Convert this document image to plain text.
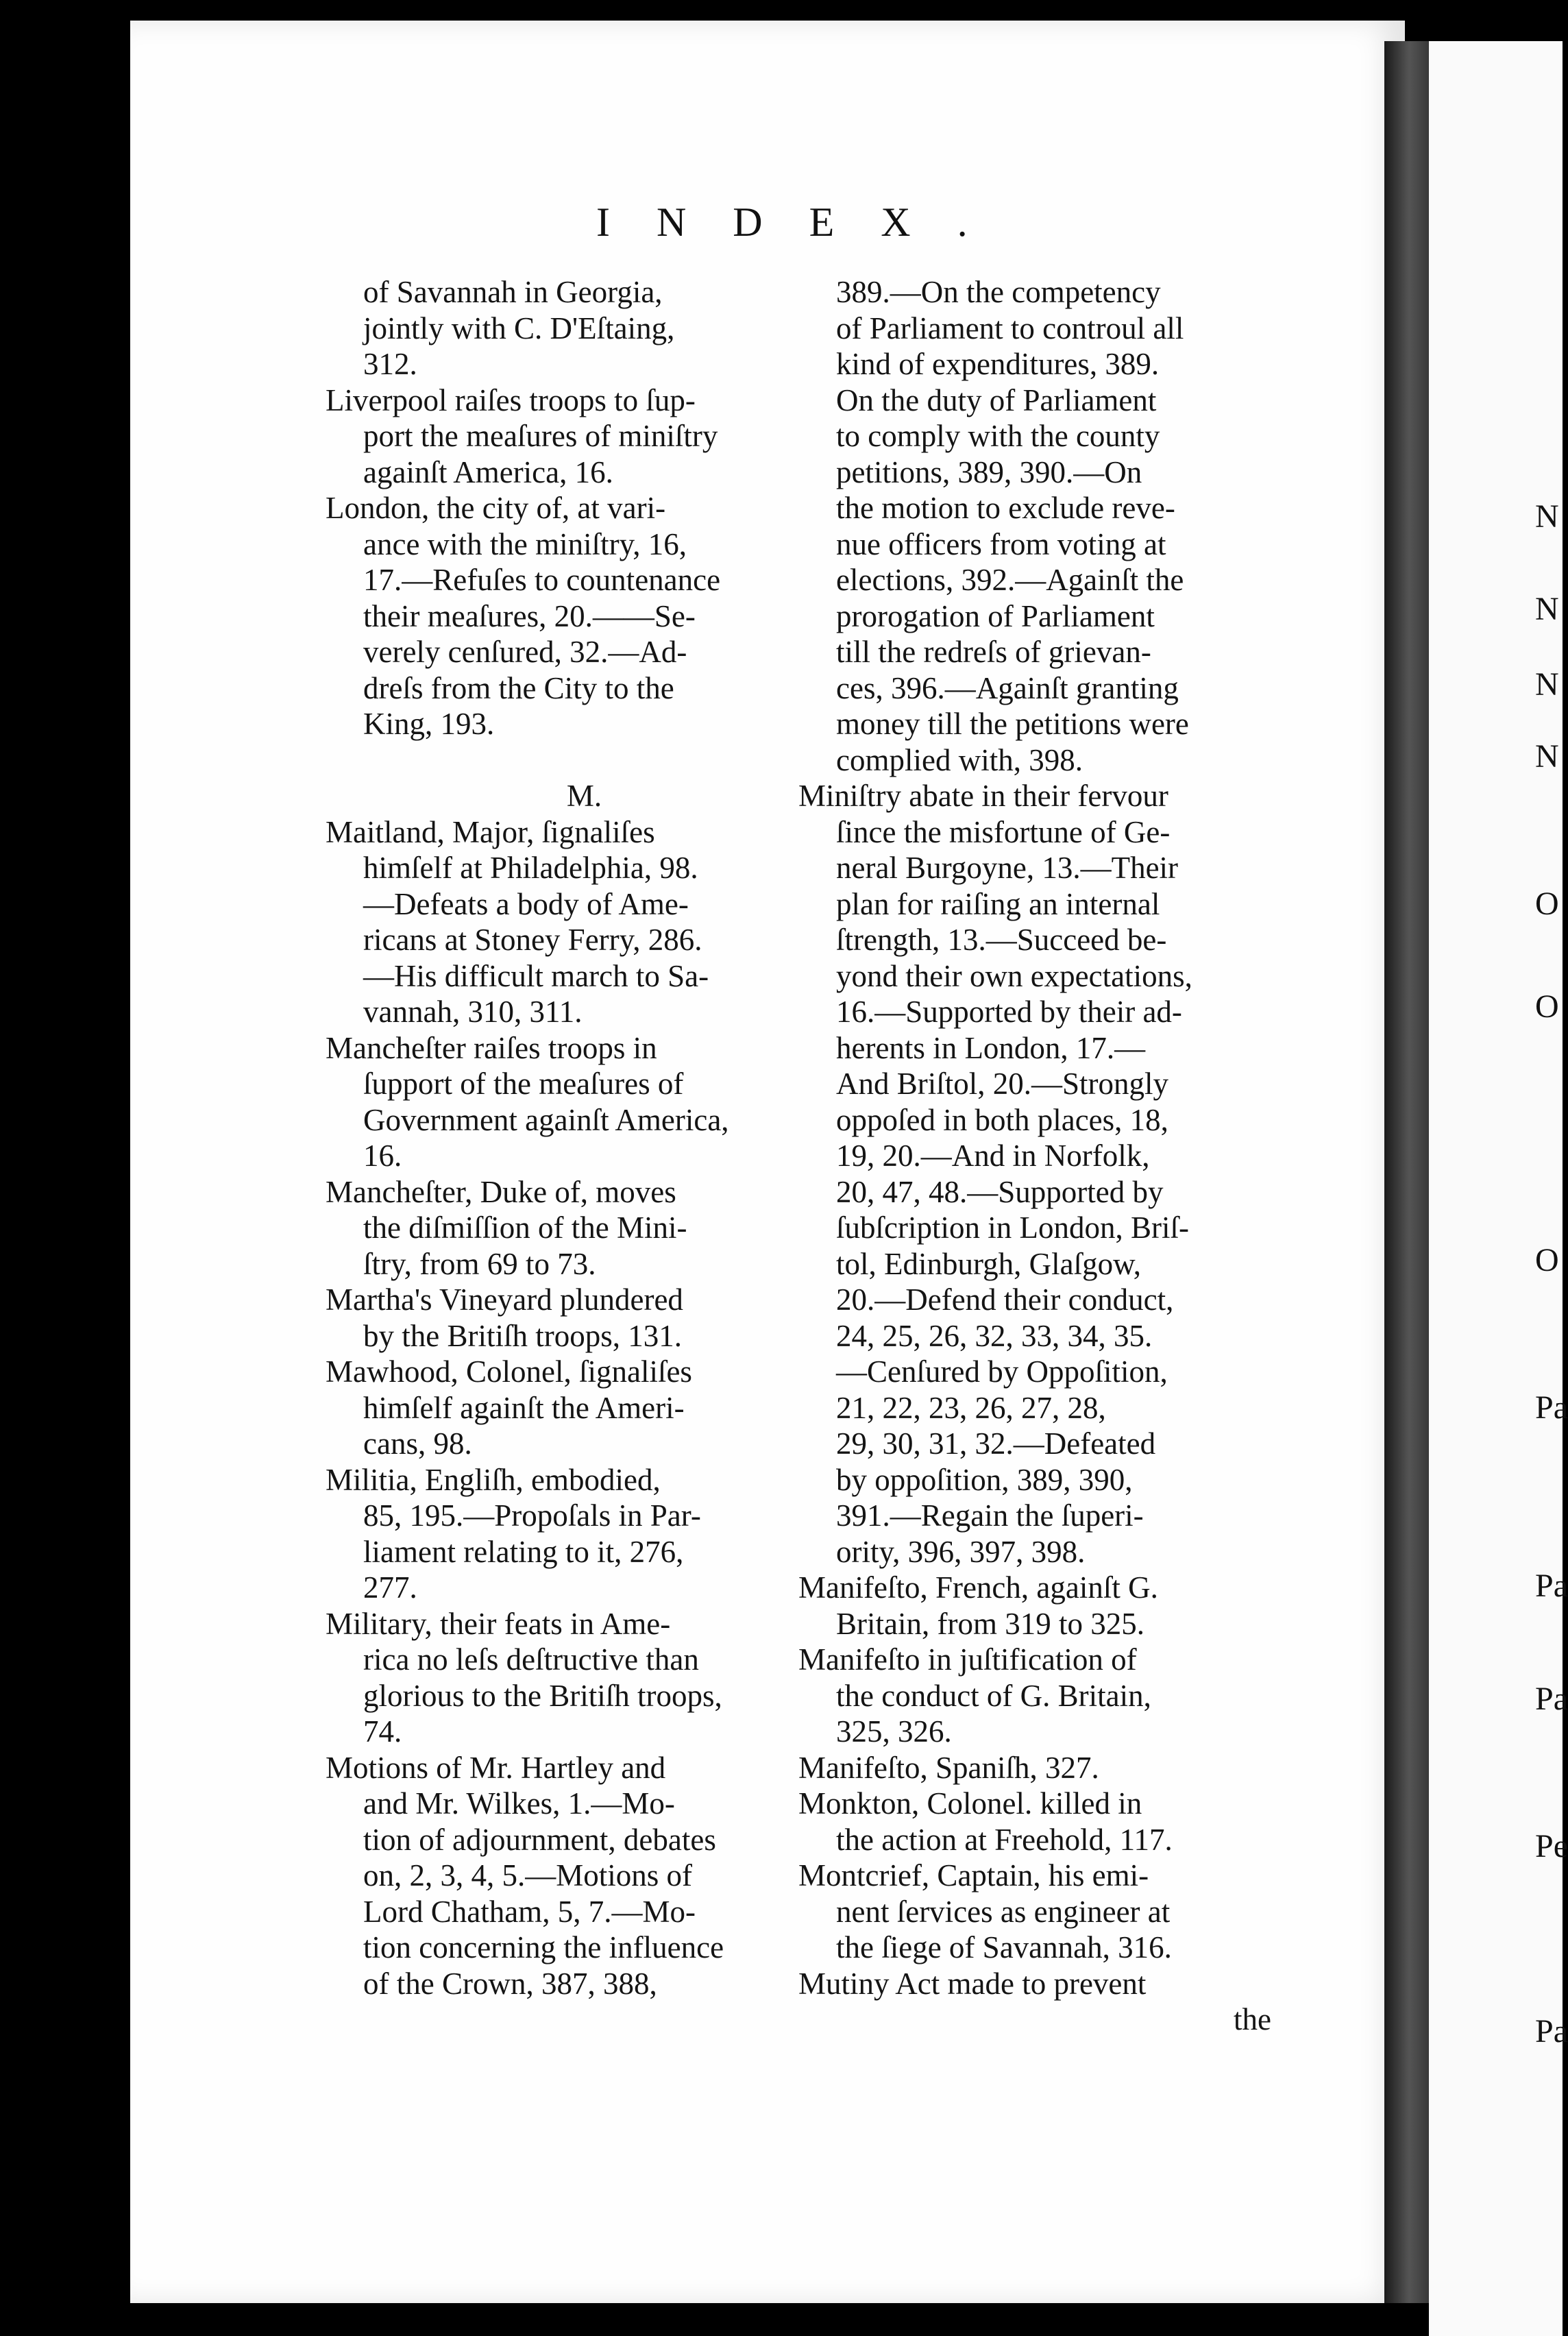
N
N
N
N
O
O
O
Pa
Pa
Pa
Pe
Pa
INDEX.
of Savannah in Georgia,
jointly with C. D'Eſtaing,
312.
Liverpool raiſes troops to ſup-
port the meaſures of miniſtry
againſt America, 16.
London, the city of, at vari-
ance with the miniſtry, 16,
17.—Refuſes to countenance
their meaſures, 20.——Se-
verely cenſured, 32.—Ad-
dreſs from the City to the
King, 193.
M.
Maitland, Major, ſignaliſes
himſelf at Philadelphia, 98.
—Defeats a body of Ame-
ricans at Stoney Ferry, 286.
—His difficult march to Sa-
vannah, 310, 311.
Mancheſter raiſes troops in
ſupport of the meaſures of
Government againſt America,
16.
Mancheſter, Duke of, moves
the diſmiſſion of the Mini-
ſtry, from 69 to 73.
Martha's Vineyard plundered
by the Britiſh troops, 131.
Mawhood, Colonel, ſignaliſes
himſelf againſt the Ameri-
cans, 98.
Militia, Engliſh, embodied,
85, 195.—Propoſals in Par-
liament relating to it, 276,
277.
Military, their feats in Ame-
rica no leſs deſtructive than
glorious to the Britiſh troops,
74.
Motions of Mr. Hartley and
and Mr. Wilkes, 1.—Mo-
tion of adjournment, debates
on, 2, 3, 4, 5.—Motions of
Lord Chatham, 5, 7.—Mo-
tion concerning the influence
of the Crown, 387, 388,
389.—On the competency
of Parliament to controul all
kind of expenditures, 389.
On the duty of Parliament
to comply with the county
petitions, 389, 390.—On
the motion to exclude reve-
nue officers from voting at
elections, 392.—Againſt the
prorogation of Parliament
till the redreſs of grievan-
ces, 396.—Againſt granting
money till the petitions were
complied with, 398.
Miniſtry abate in their fervour
ſince the misfortune of Ge-
neral Burgoyne, 13.—Their
plan for raiſing an internal
ſtrength, 13.—Succeed be-
yond their own expectations,
16.—Supported by their ad-
herents in London, 17.—
And Briſtol, 20.—Strongly
oppoſed in both places, 18,
19, 20.—And in Norfolk,
20, 47, 48.—Supported by
ſubſcription in London, Briſ-
tol, Edinburgh, Glaſgow,
20.—Defend their conduct,
24, 25, 26, 32, 33, 34, 35.
—Cenſured by Oppoſition,
21, 22, 23, 26, 27, 28,
29, 30, 31, 32.—Defeated
by oppoſition, 389, 390,
391.—Regain the ſuperi-
ority, 396, 397, 398.
Manifeſto, French, againſt G.
Britain, from 319 to 325.
Manifeſto in juſtification of
the conduct of G. Britain,
325, 326.
Manifeſto, Spaniſh, 327.
Monkton, Colonel. killed in
the action at Freehold, 117.
Montcrief, Captain, his emi-
nent ſervices as engineer at
the ſiege of Savannah, 316.
Mutiny Act made to prevent
the
